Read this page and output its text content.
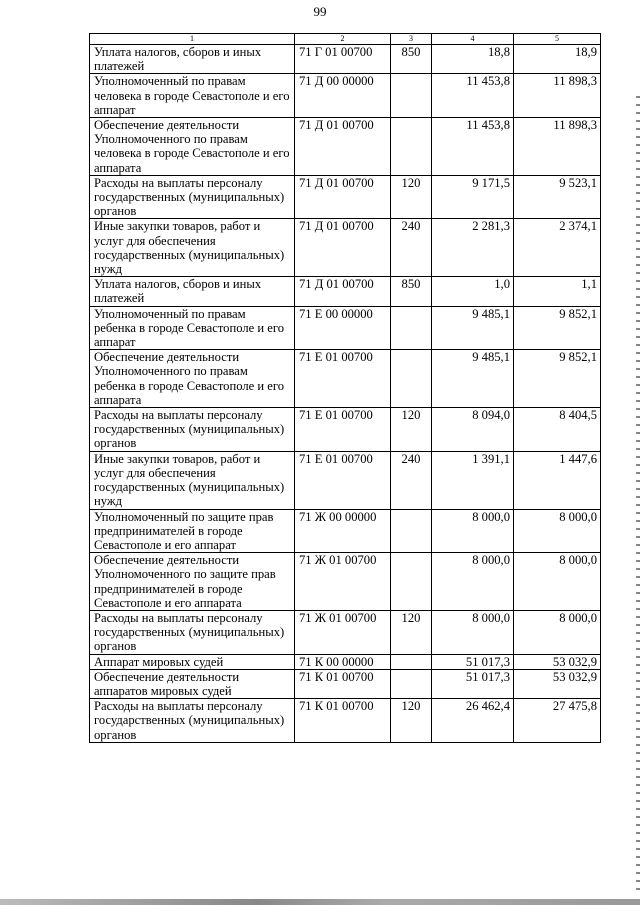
99
1	2	3	4	5
Уплата налогов, сборов и иных платежей	71 Г 01 00700	850	18,8	18,9
Уполномоченный по правам человека в городе Севастополе и его аппарат	71 Д 00 00000		11 453,8	11 898,3
Обеспечение деятельности Уполномоченного по правам человека в городе Севастополе и его аппарата	71 Д 01 00700		11 453,8	11 898,3
Расходы на выплаты персоналу государственных (муниципальных) органов	71 Д 01 00700	120	9 171,5	9 523,1
Иные закупки товаров, работ и услуг для обеспечения государственных (муниципальных) нужд	71 Д 01 00700	240	2 281,3	2 374,1
Уплата налогов, сборов и иных платежей	71 Д 01 00700	850	1,0	1,1
Уполномоченный по правам ребенка в городе Севастополе и его аппарат	71 Е 00 00000		9 485,1	9 852,1
Обеспечение деятельности Уполномоченного по правам ребенка в городе Севастополе и его аппарата	71 Е 01 00700		9 485,1	9 852,1
Расходы на выплаты персоналу государственных (муниципальных) органов	71 Е 01 00700	120	8 094,0	8 404,5
Иные закупки товаров, работ и услуг для обеспечения государственных (муниципальных) нужд	71 Е 01 00700	240	1 391,1	1 447,6
Уполномоченный по защите прав предпринимателей в городе Севастополе и его аппарат	71 Ж 00 00000		8 000,0	8 000,0
Обеспечение деятельности Уполномоченного по защите прав предпринимателей в городе Севастополе и его аппарата	71 Ж 01 00700		8 000,0	8 000,0
Расходы на выплаты персоналу государственных (муниципальных) органов	71 Ж 01 00700	120	8 000,0	8 000,0
Аппарат мировых судей	71 К 00 00000		51 017,3	53 032,9
Обеспечение деятельности аппаратов мировых судей	71 К 01 00700		51 017,3	53 032,9
Расходы на выплаты персоналу государственных (муниципальных) органов	71 К 01 00700	120	26 462,4	27 475,8
